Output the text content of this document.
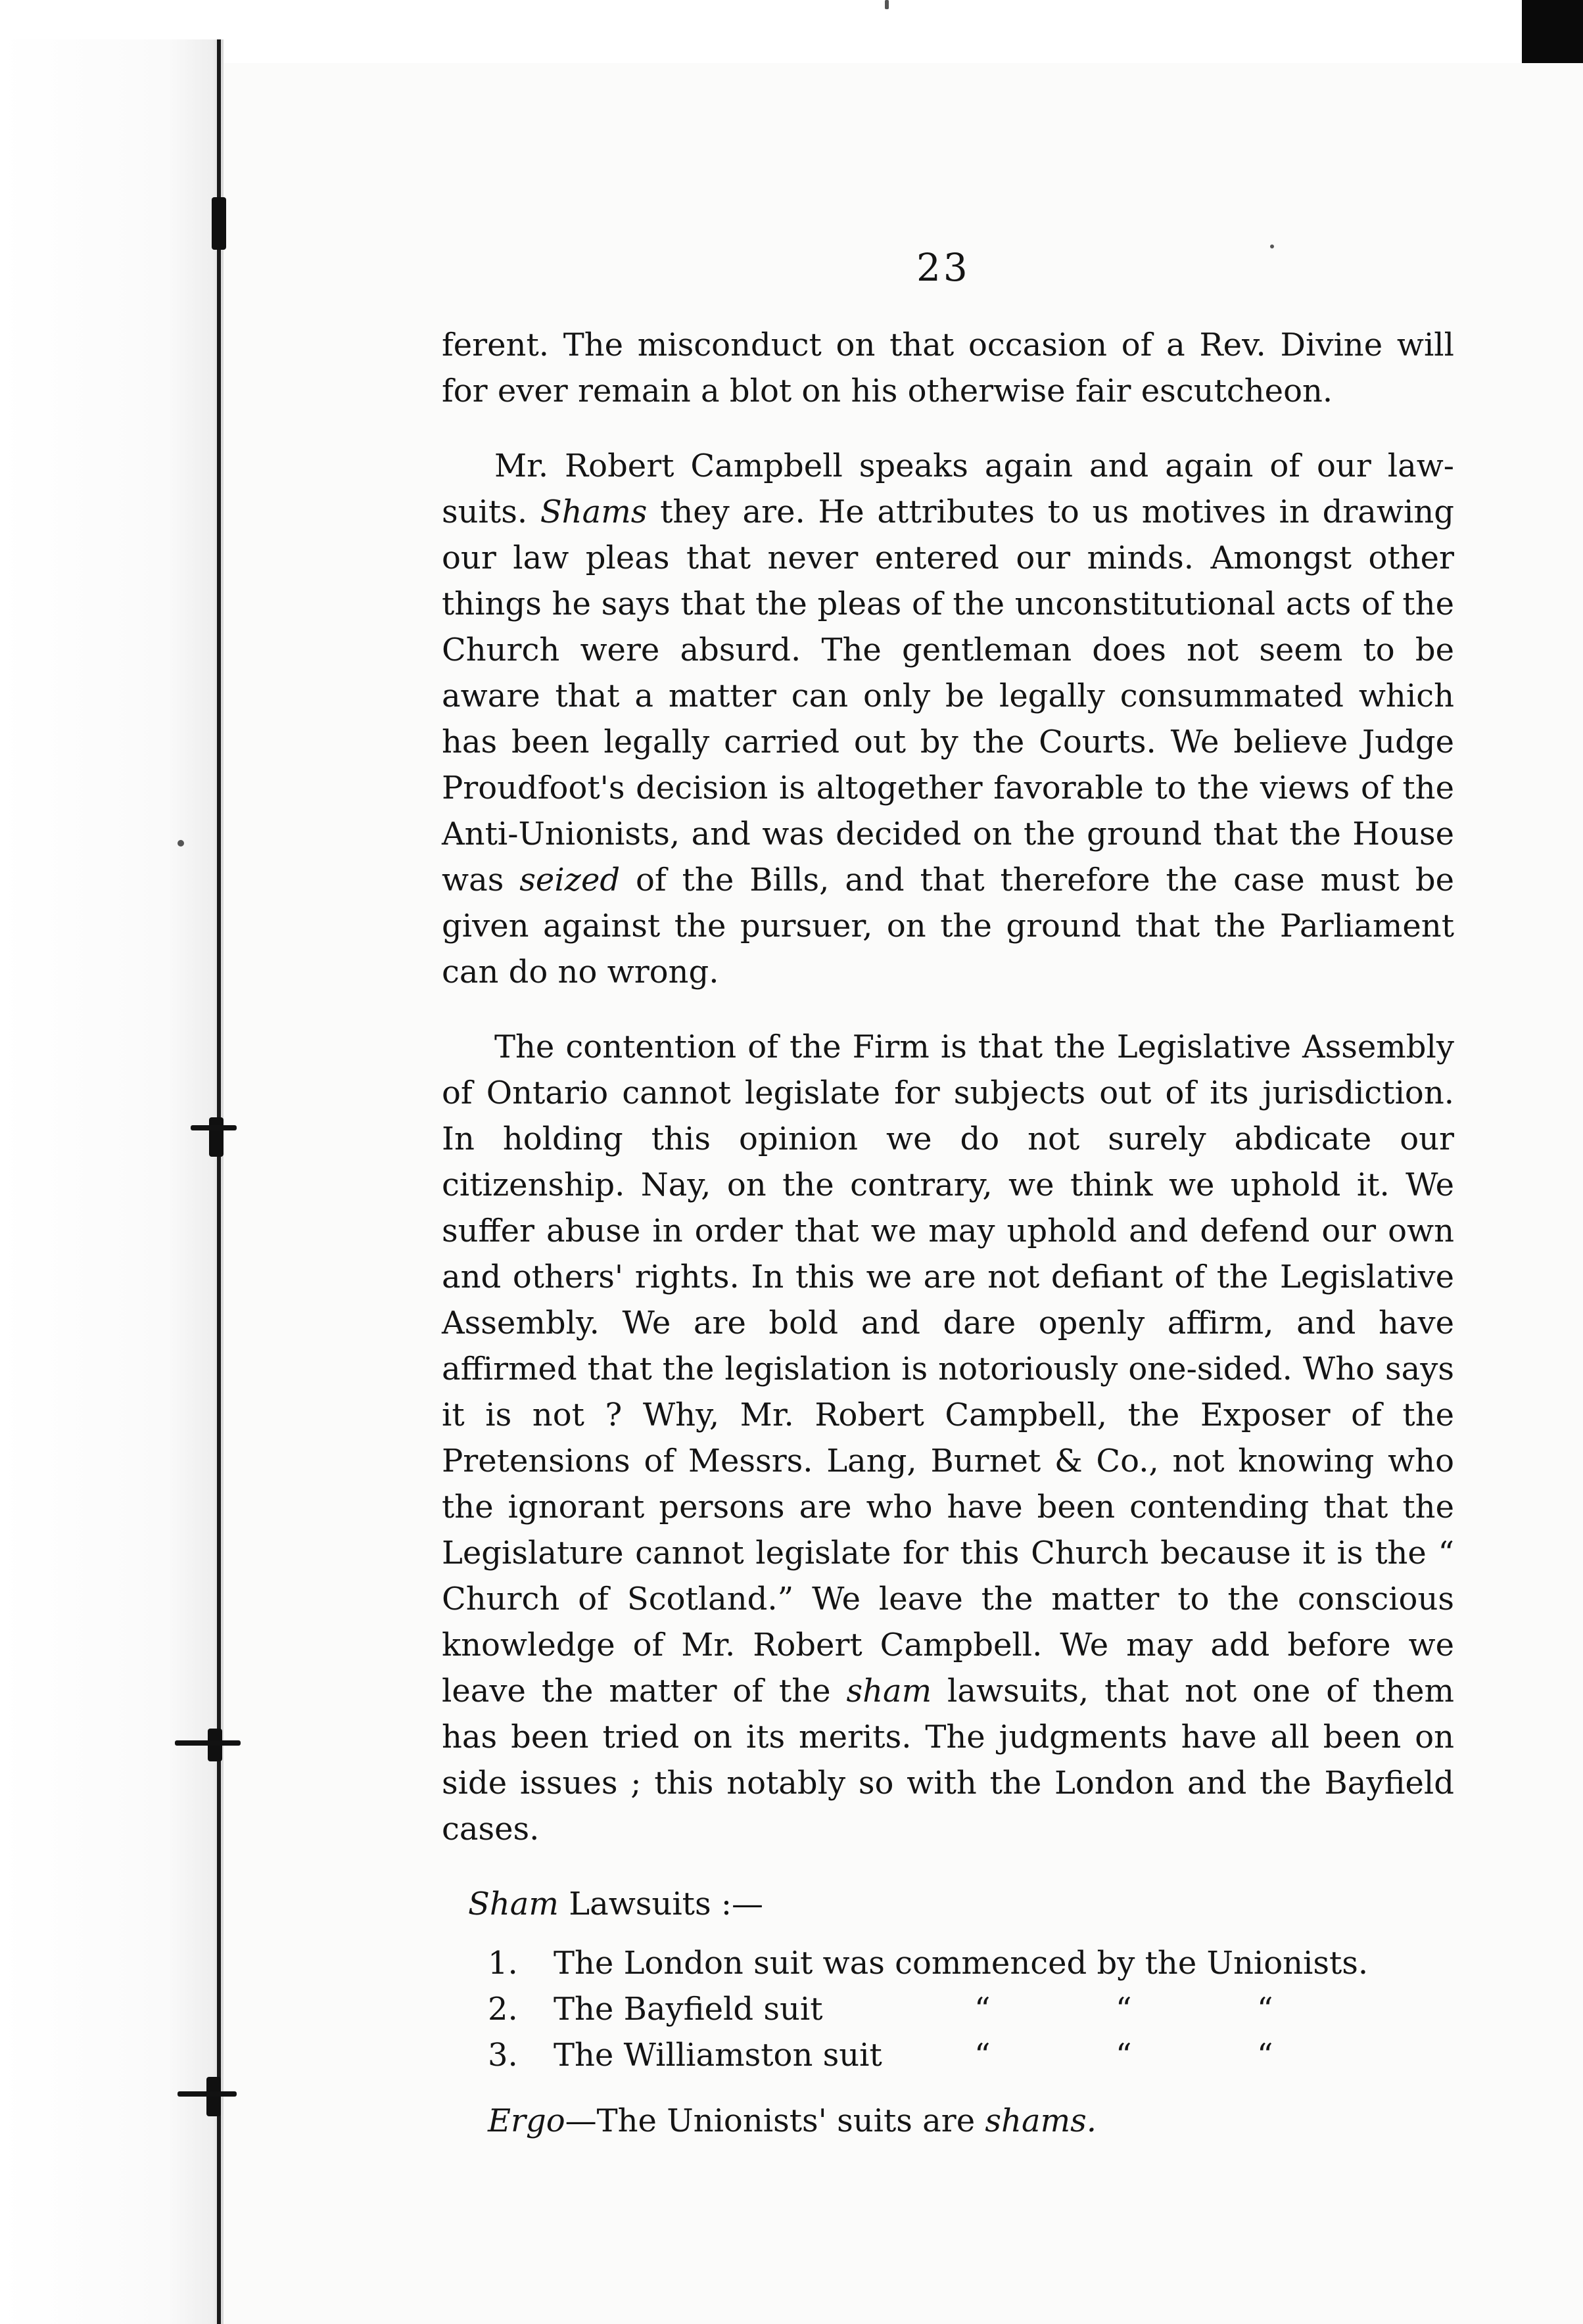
23

ferent. The misconduct on that occasion of a Rev. Divine will for ever remain a blot on his otherwise fair escutcheon.

Mr. Robert Campbell speaks again and again of our law-suits. Shams they are. He attributes to us motives in drawing our law pleas that never entered our minds. Amongst other things he says that the pleas of the unconstitutional acts of the Church were absurd. The gentleman does not seem to be aware that a matter can only be legally consummated which has been legally carried out by the Courts. We believe Judge Proudfoot's decision is altogether favorable to the views of the Anti-Unionists, and was decided on the ground that the House was seized of the Bills, and that therefore the case must be given against the pursuer, on the ground that the Parliament can do no wrong.

The contention of the Firm is that the Legislative Assembly of Ontario cannot legislate for subjects out of its jurisdiction. In holding this opinion we do not surely abdicate our citizenship. Nay, on the contrary, we think we uphold it. We suffer abuse in order that we may uphold and defend our own and others' rights. In this we are not defiant of the Legislative Assembly. We are bold and dare openly affirm, and have affirmed that the legislation is notoriously one-sided. Who says it is not ? Why, Mr. Robert Campbell, the Exposer of the Pretensions of Messrs. Lang, Burnet & Co., not knowing who the ignorant persons are who have been contending that the Legislature cannot legislate for this Church because it is the “ Church of Scotland.” We leave the matter to the conscious knowledge of Mr. Robert Campbell. We may add before we leave the matter of the sham lawsuits, that not one of them has been tried on its merits. The judgments have all been on side issues ; this notably so with the London and the Bayfield cases.

Sham Lawsuits :—

1.	The London suit was commenced by the Unionists.
2.	The Bayfield suit	“	“	“
3.	The Williamston suit	“	“	“

Ergo—The Unionists' suits are shams.
